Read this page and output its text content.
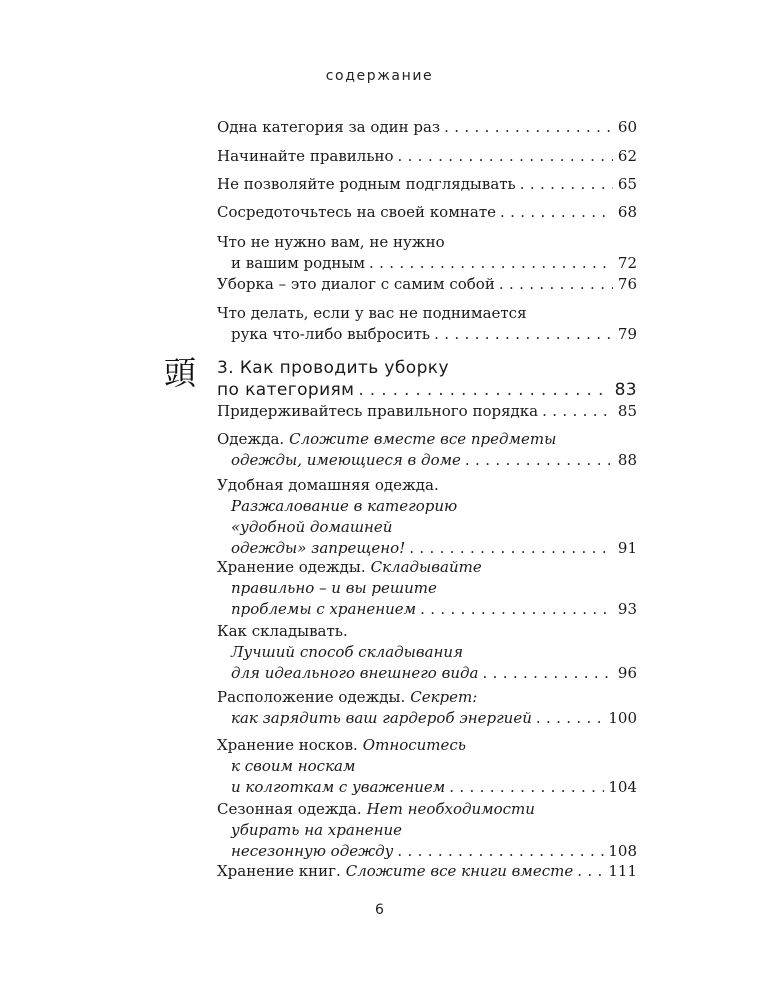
содержание
Одна категория за один раз . . .	60
Начинайте правильно . . .	62
Не позволяйте родным подглядывать . . .	65
Сосредоточьтесь на своей комнате . . .	68
Что не нужно вам, не нужно
и вашим родным . . .	72
Уборка – это диалог с самим собой . . .	76
Что делать, если у вас не поднимается
рука что-либо выбросить . . .	79
頭 3. Как проводить уборку
по категориям . . .	83
Придерживайтесь правильного порядка . . .	85
Одежда. Сложите вместе все предметы
одежды, имеющиеся в доме . . .	88
Удобная домашняя одежда.
Разжалование в категорию
«удобной домашней
одежды» запрещено! . . .	91
Хранение одежды. Складывайте
правильно – и вы решите
проблемы с хранением . . .	93
Как складывать.
Лучший способ складывания
для идеального внешнего вида . . .	96
Расположение одежды. Секрет:
как зарядить ваш гардероб энергией . . .	100
Хранение носков. Относитесь
к своим носкам
и колготкам с уважением . . .	104
Сезонная одежда. Нет необходимости
убирать на хранение
несезонную одежду . . .	108
Хранение книг. Сложите все книги вместе . . . 111
6
